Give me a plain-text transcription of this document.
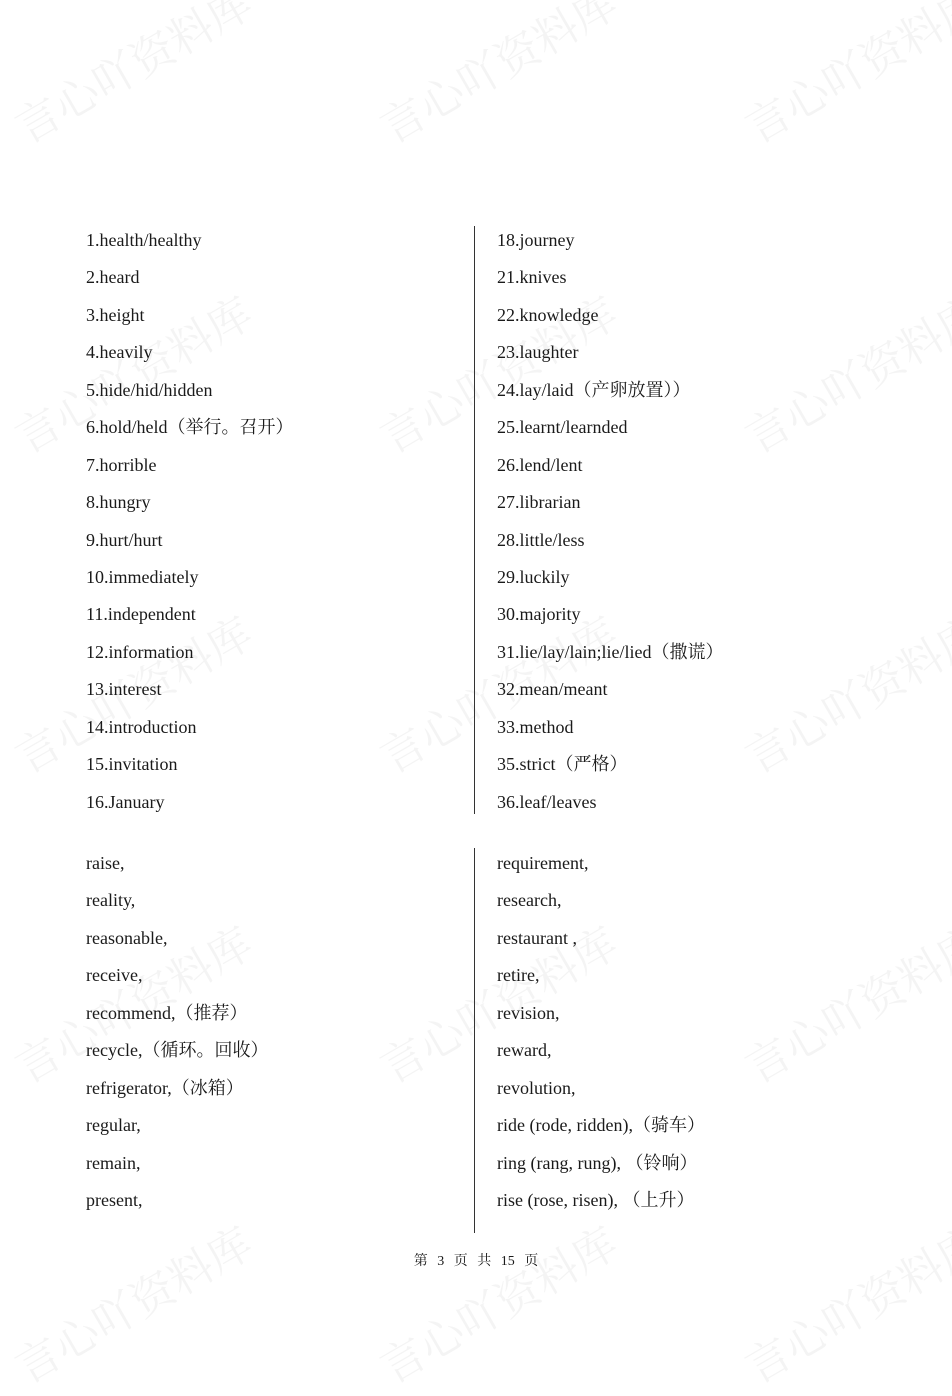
1.health/healthy
2.heard
3.height
4.heavily
5.hide/hid/hidden
6.hold/held（举行。召开）
7.horrible
8.hungry
9.hurt/hurt
10.immediately
11.independent
12.information
13.interest
14.introduction
15.invitation
16.January
18.journey
21.knives
22.knowledge
23.laughter
24.lay/laid（产卵放置））
25.learnt/learnded
26.lend/lent
27.librarian
28.little/less
29.luckily
30.majority
31.lie/lay/lain;lie/lied（撒谎）
32.mean/meant
33.method
35.strict（严格）
36.leaf/leaves
raise,
reality,
reasonable,
receive,
recommend,（推荐）
recycle,（循环。回收）
refrigerator,（冰箱）
regular,
remain,
present,
requirement,
research,
restaurant ,
retire,
revision,
reward,
revolution,
ride (rode, ridden),（骑车）
ring (rang, rung), （铃响）
rise (rose, risen), （上升）
第 3 页 共 15 页
